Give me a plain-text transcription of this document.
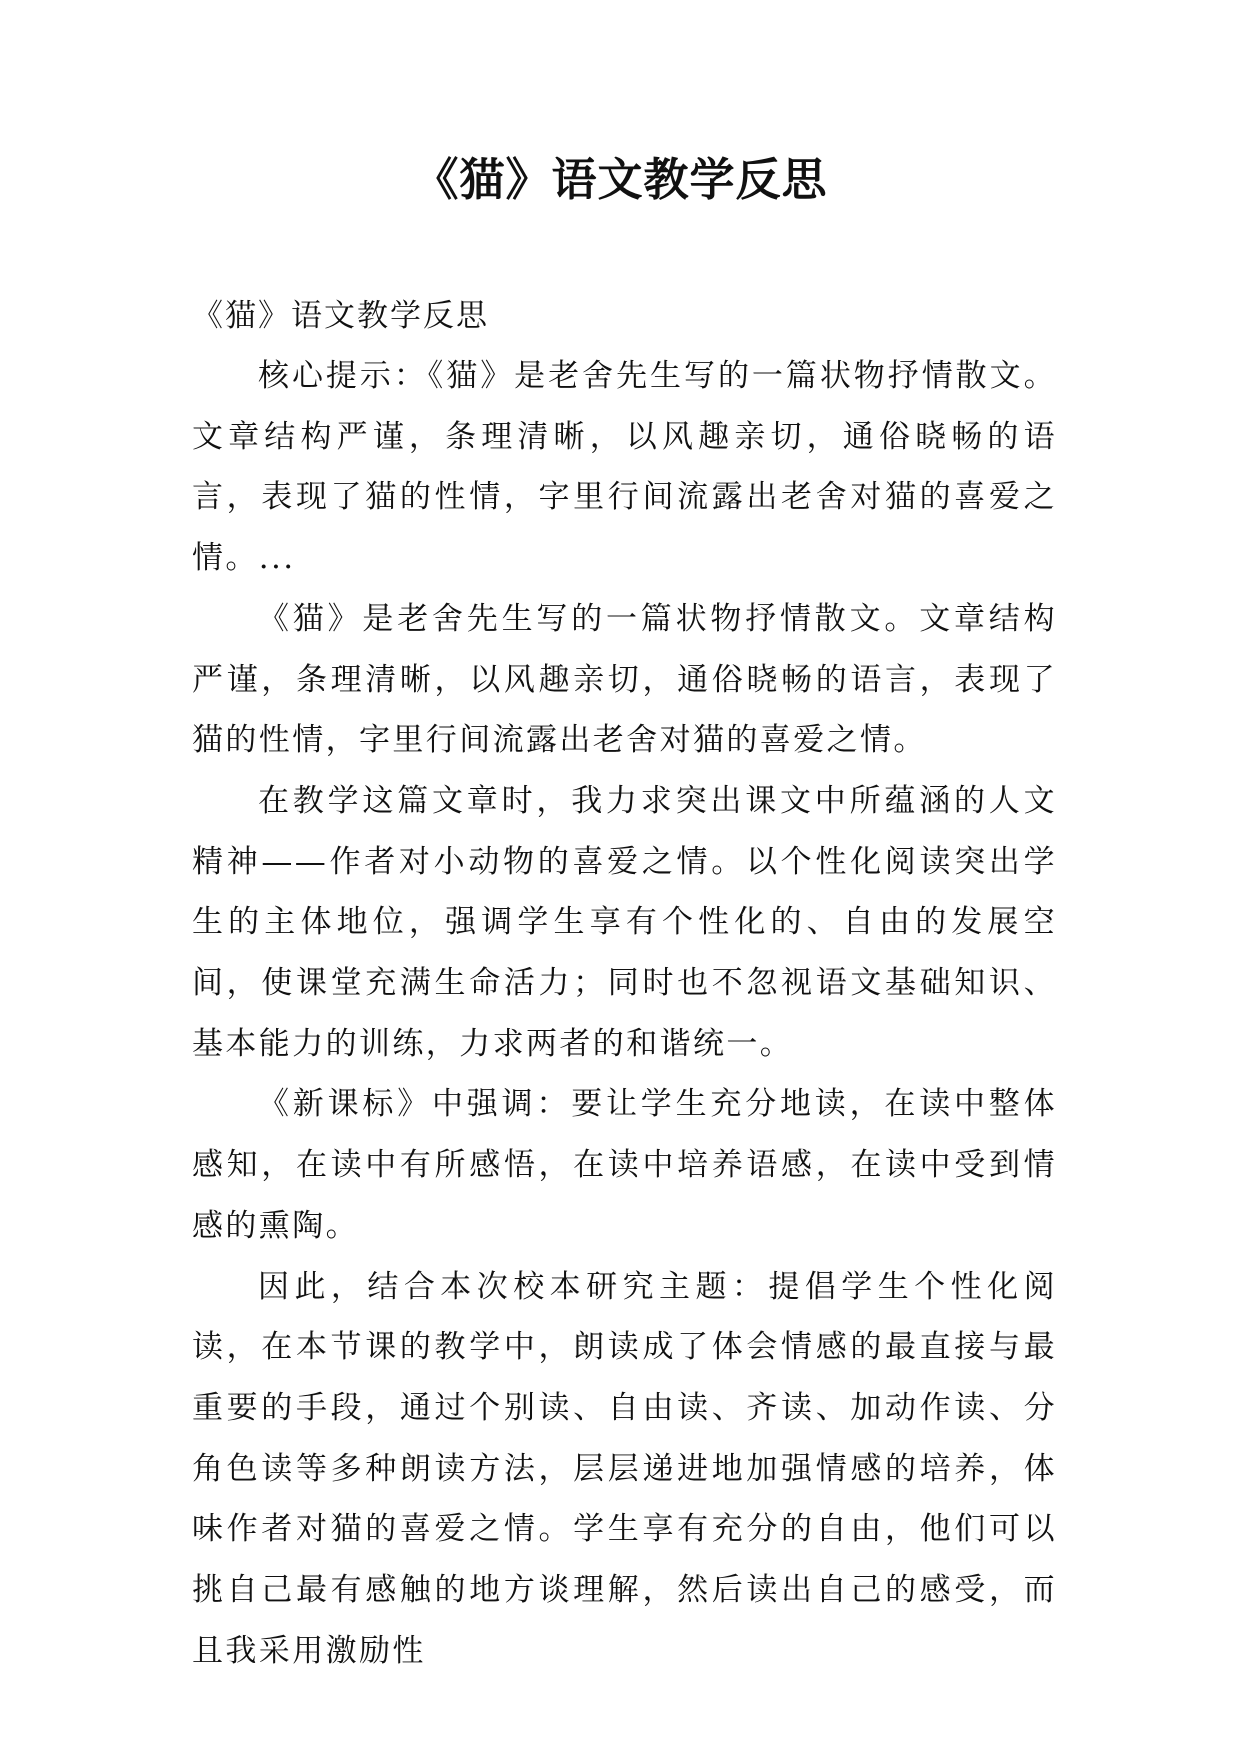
《猫》语文教学反思

《猫》语文教学反思

核心提示：《猫》是老舍先生写的一篇状物抒情散文。文章结构严谨，条理清晰，以风趣亲切，通俗晓畅的语言，表现了猫的性情，字里行间流露出老舍对猫的喜爱之情。...

《猫》是老舍先生写的一篇状物抒情散文。文章结构严谨，条理清晰，以风趣亲切，通俗晓畅的语言，表现了猫的性情，字里行间流露出老舍对猫的喜爱之情。

在教学这篇文章时，我力求突出课文中所蕴涵的人文精神——作者对小动物的喜爱之情。以个性化阅读突出学生的主体地位，强调学生享有个性化的、自由的发展空间，使课堂充满生命活力；同时也不忽视语文基础知识、基本能力的训练，力求两者的和谐统一。

《新课标》中强调：要让学生充分地读，在读中整体感知，在读中有所感悟，在读中培养语感，在读中受到情感的熏陶。

因此，结合本次校本研究主题：提倡学生个性化阅读，在本节课的教学中，朗读成了体会情感的最直接与最重要的手段，通过个别读、自由读、齐读、加动作读、分角色读等多种朗读方法，层层递进地加强情感的培养，体味作者对猫的喜爱之情。学生享有充分的自由，他们可以挑自己最有感触的地方谈理解，然后读出自己的感受，而且我采用激励性
